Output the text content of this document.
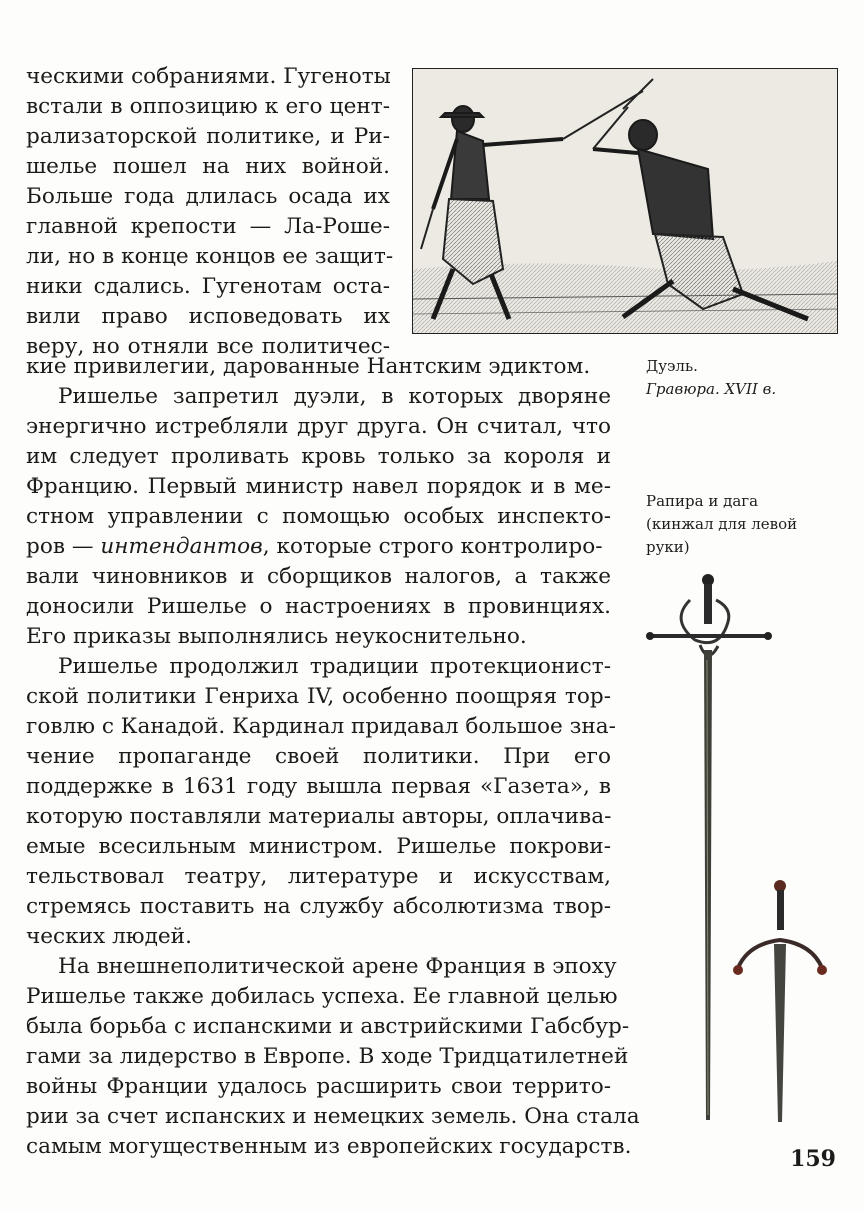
ческими собраниями. Гугеноты
встали в оппозицию к его цент-
рализаторской политике, и Ри-
шелье пошел на них войной.
Больше года длилась осада их
главной крепости — Ла-Роше-
ли, но в конце концов ее защит-
ники сдались. Гугенотам оста-
вили право исповедовать их
веру, но отняли все политичес-
кие привилегии, дарованные Нантским эдиктом.
Ришелье запретил дуэли, в которых дворяне
энергично истребляли друг друга. Он считал, что
им следует проливать кровь только за короля и
Францию. Первый министр навел порядок и в ме-
стном управлении с помощью особых инспекто-
ров — интендантов, которые строго контролиро-
вали чиновников и сборщиков налогов, а также
доносили Ришелье о настроениях в провинциях.
Его приказы выполнялись неукоснительно.
Ришелье продолжил традиции протекционист-
ской политики Генриха IV, особенно поощряя тор-
говлю с Канадой. Кардинал придавал большое зна-
чение пропаганде своей политики. При его
поддержке в 1631 году вышла первая «Газета», в
которую поставляли материалы авторы, оплачива-
емые всесильным министром. Ришелье покрови-
тельствовал театру, литературе и искусствам,
стремясь поставить на службу абсолютизма твор-
ческих людей.
На внешнеполитической арене Франция в эпоху
Ришелье также добилась успеха. Ее главной целью
была борьба с испанскими и австрийскими Габсбур-
гами за лидерство в Европе. В ходе Тридцатилетней
войны Франции удалось расширить свои террито-
рии за счет испанских и немецких земель. Она стала
самым могущественным из европейских государств.
Дуэль.
Гравюра. XVII в.
Рапира и дага
(кинжал для левой
руки)
159
